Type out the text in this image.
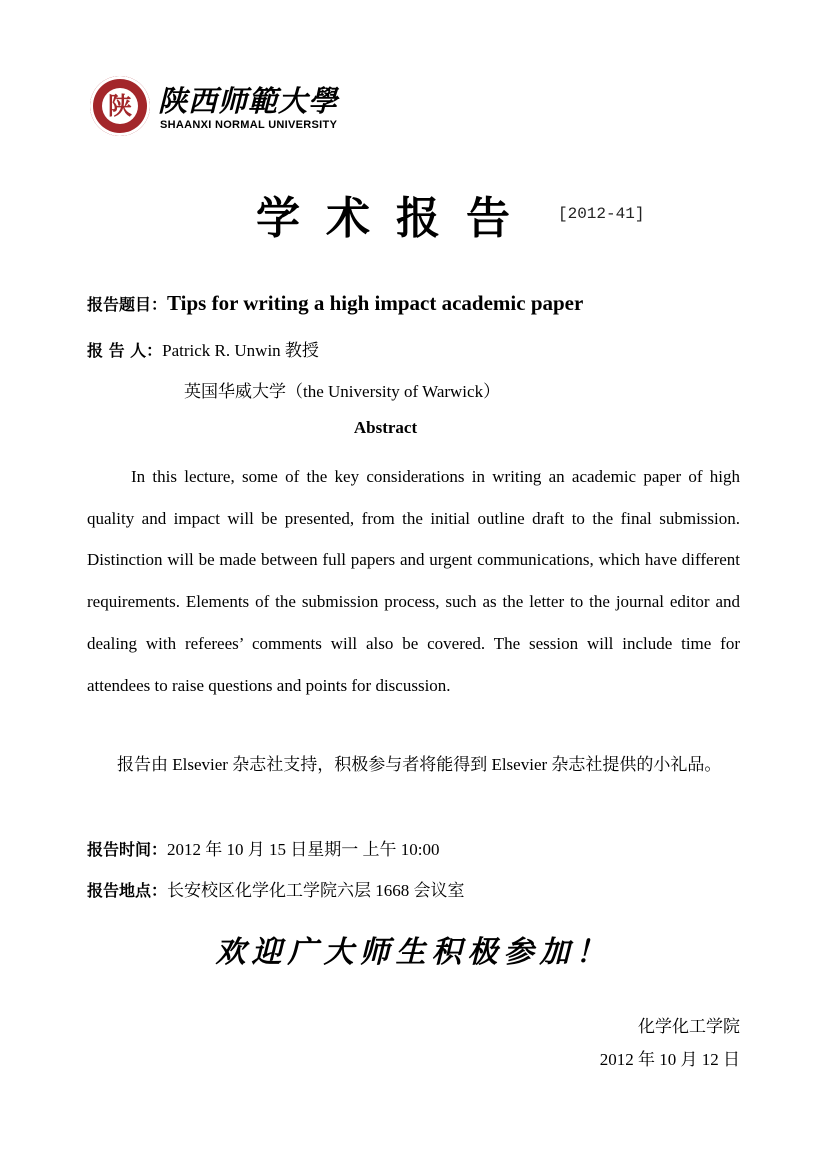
陕 陕西师範大學
SHAANXI NORMAL UNIVERSITY
学术报告 [2012-41]
报告题目：Tips for writing a high impact academic paper
报 告 人：Patrick R. Unwin 教授
英国华威大学（the University of Warwick）
Abstract

In this lecture, some of the key considerations in writing an academic paper of high quality and impact will be presented, from the initial outline draft to the final submission. Distinction will be made between full papers and urgent communications, which have different requirements. Elements of the submission process, such as the letter to the journal editor and dealing with referees’ comments will also be covered. The session will include time for attendees to raise questions and points for discussion.

报告由 Elsevier 杂志社支持，积极参与者将能得到 Elsevier 杂志社提供的小礼品。

报告时间：2012 年 10 月 15 日星期一 上午 10:00
报告地点：长安校区化学化工学院六层 1668 会议室
欢迎广大师生积极参加！
化学化工学院
2012 年 10 月 12 日
